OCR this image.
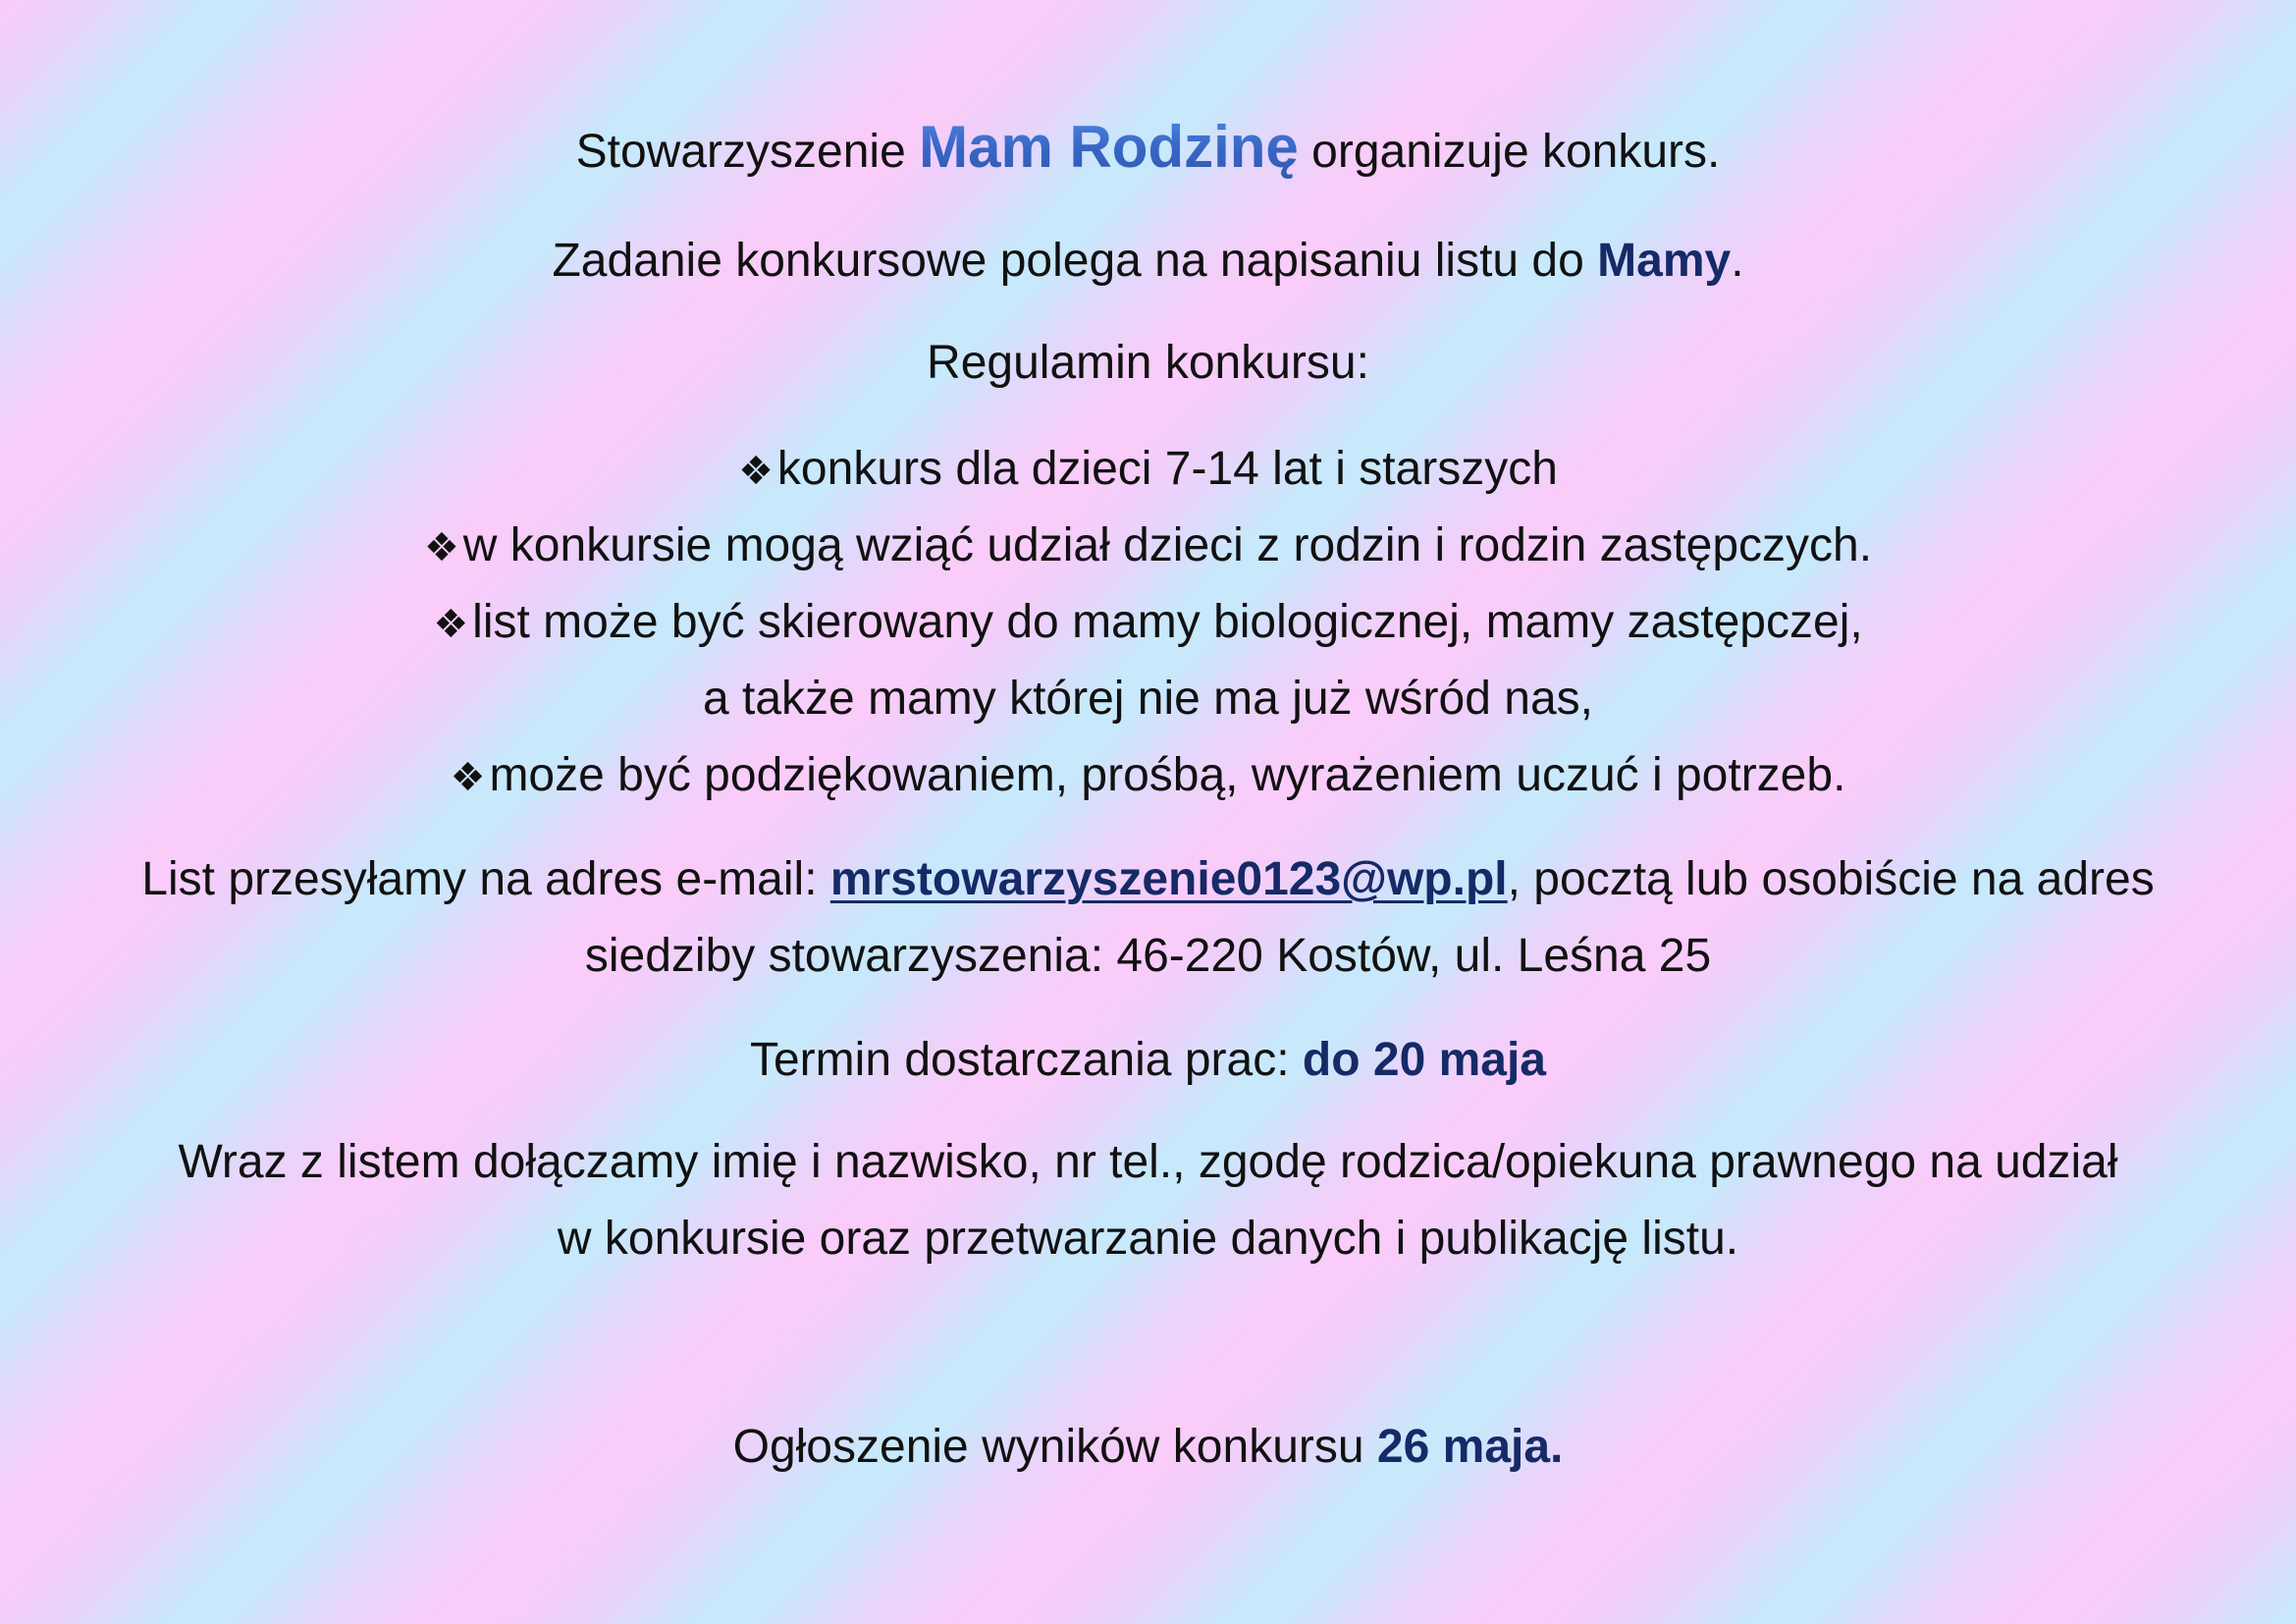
Stowarzyszenie Mam Rodzinę organizuje konkurs.
Zadanie konkursowe polega na napisaniu listu do Mamy.
Regulamin konkursu:
❖konkurs dla dzieci 7-14 lat i starszych
❖w konkursie mogą wziąć udział dzieci z rodzin i rodzin zastępczych.
❖list może być skierowany do mamy biologicznej, mamy zastępczej,
a także mamy której nie ma już wśród nas,
❖może być podziękowaniem, prośbą, wyrażeniem uczuć i potrzeb.
List przesyłamy na adres e-mail: mrstowarzyszenie0123@wp.pl, pocztą lub osobiście na adres
siedziby stowarzyszenia: 46-220 Kostów, ul. Leśna 25
Termin dostarczania prac: do 20 maja
Wraz z listem dołączamy imię i nazwisko, nr tel., zgodę rodzica/opiekuna prawnego na udział
w konkursie oraz przetwarzanie danych i publikację listu.
Ogłoszenie wyników konkursu 26 maja.
